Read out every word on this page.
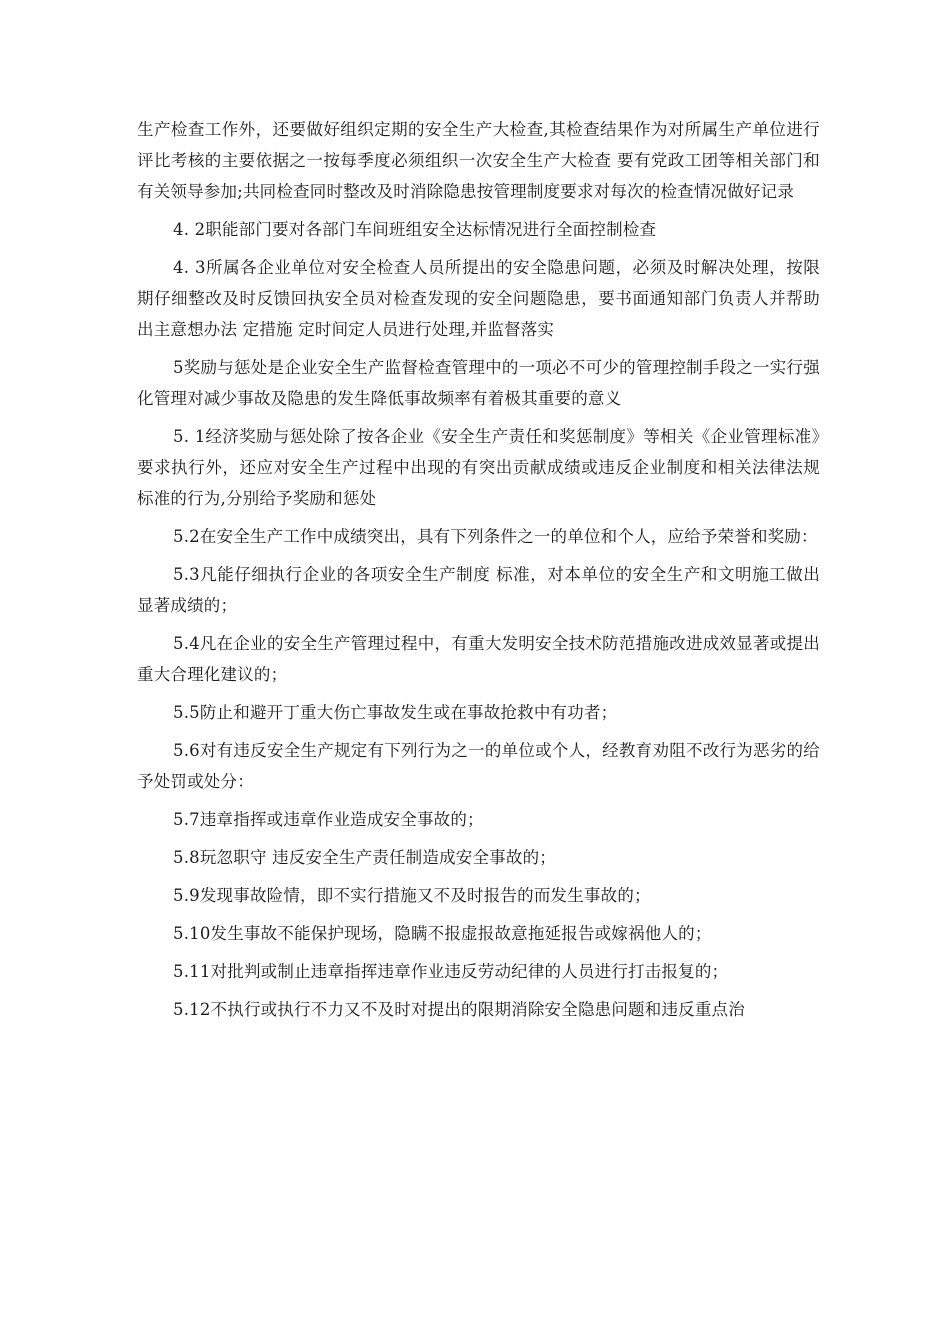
生产检查工作外，还要做好组织定期的安全生产大检查,其检查结果作为对所属生产单位进行评比考核的主要依据之一按每季度必须组织一次安全生产大检查 要有党政工团等相关部门和有关领导参加;共同检查同时整改及时消除隐患按管理制度要求对每次的检查情况做好记录

4. 2职能部门要对各部门车间班组安全达标情况进行全面控制检查

4. 3所属各企业单位对安全检查人员所提出的安全隐患问题，必须及时解决处理，按限期仔细整改及时反馈回执安全员对检查发现的安全问题隐患，要书面通知部门负责人并帮助出主意想办法 定措施 定时间定人员进行处理,并监督落实

5奖励与惩处是企业安全生产监督检查管理中的一项必不可少的管理控制手段之一实行强化管理对减少事故及隐患的发生降低事故频率有着极其重要的意义

5. 1经济奖励与惩处除了按各企业《安全生产责任和奖惩制度》等相关《企业管理标准》要求执行外，还应对安全生产过程中出现的有突出贡献成绩或违反企业制度和相关法律法规标准的行为,分别给予奖励和惩处

5.2在安全生产工作中成绩突出，具有下列条件之一的单位和个人，应给予荣誉和奖励：

5.3凡能仔细执行企业的各项安全生产制度 标准，对本单位的安全生产和文明施工做出显著成绩的；

5.4凡在企业的安全生产管理过程中，有重大发明安全技术防范措施改进成效显著或提出重大合理化建议的；

5.5防止和避开丁重大伤亡事故发生或在事故抢救中有功者；

5.6对有违反安全生产规定有下列行为之一的单位或个人，经教育劝阻不改行为恶劣的给予处罚或处分：

5.7违章指挥或违章作业造成安全事故的；

5.8玩忽职守 违反安全生产责任制造成安全事故的；

5.9发现事故险情，即不实行措施又不及时报告的而发生事故的；

5.10发生事故不能保护现场，隐瞒不报虚报故意拖延报告或嫁祸他人的；

5.11对批判或制止违章指挥违章作业违反劳动纪律的人员进行打击报复的；

5.12不执行或执行不力又不及时对提出的限期消除安全隐患问题和违反重点治
